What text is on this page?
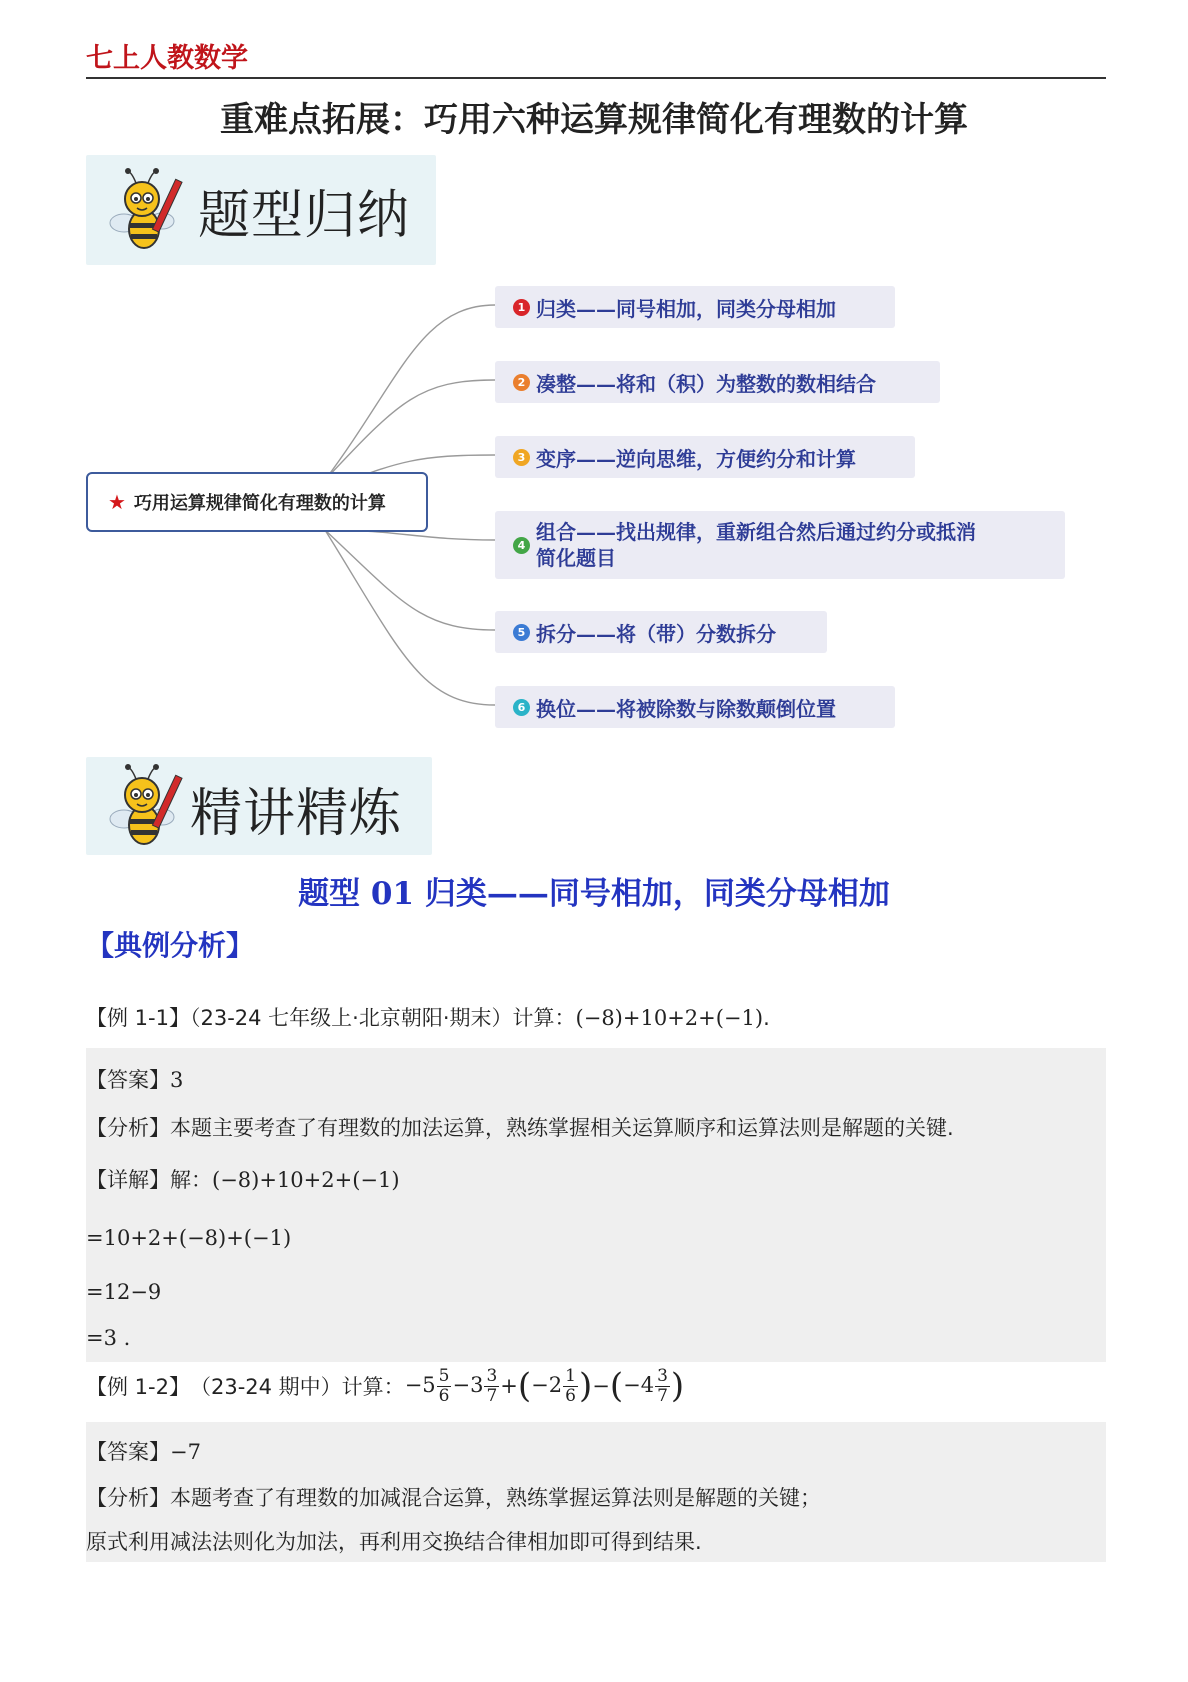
七上人教数学
重难点拓展：巧用六种运算规律简化有理数的计算
题型归纳
★ 巧用运算规律简化有理数的计算
1 归类——同号相加，同类分母相加
2 凑整——将和（积）为整数的数相结合
3 变序——逆向思维，方便约分和计算
4
组合——找出规律，重新组合然后通过约分或抵消
简化题目
5 拆分——将（带）分数拆分
6 换位——将被除数与除数颠倒位置
精讲精炼
题型 01 归类——同号相加，同类分母相加
【典例分析】
【例 1-1】（23-24 七年级上·北京朝阳·期末）计算：(−8)+10+2+(−1).
【答案】3
【分析】本题主要考查了有理数的加法运算，熟练掌握相关运算顺序和运算法则是解题的关键.
【详解】解：(−8)+10+2+(−1)
=10+2+(−8)+(−1)
=12−9
=3 .
【例 1-2】 （23-24 期中）计算： $-5 \frac{5}{6} -3 \frac{3}{7}$ + ( $-2 \frac{1}{6}$ ) − ( $-4 \frac{3}{7}$ )
【答案】−7
【分析】本题考查了有理数的加减混合运算，熟练掌握运算法则是解题的关键；
原式利用减法法则化为加法，再利用交换结合律相加即可得到结果.
